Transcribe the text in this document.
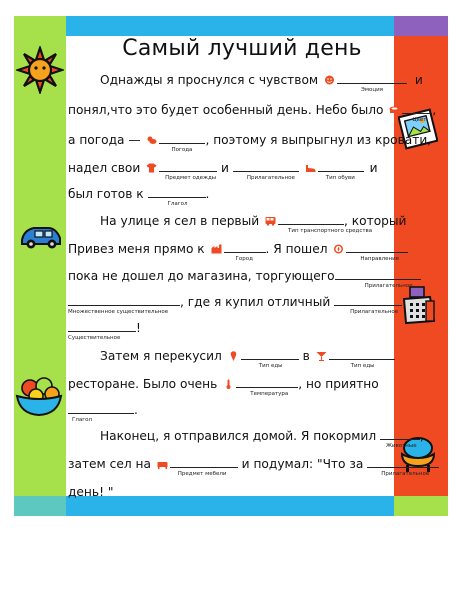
Самый лучший день
Однажды я проснулся с чувством
Эмоция
и
понял,что это будет особенный день. Небо было
Цвет
,
а погода —
Погода
, поэтому я выпрыгнул из кровати,
надел свои
Предмет одежды
и
Прилагательное
	Тип обуви
и
был готов к
Глагол
.
На улице я сел в первый
Тип транспортного средства
, который
Привез меня прямо к
Город
. Я пошел
Направление
пока не дошел до магазина, торгующего
Прилагательное
Множественное существительное
, где я купил отличный
Прилагательное
Существительное
!
Затем я перекусил
Тип еды
в
Тип еды
ресторане. Было очень
Температура
, но приятно
Глагол
.
Наконец, я отправился домой. Я покормил
Животные
,
затем сел на
Предмет мебели
и подумал: "Что за
Прилагательное
день! "
